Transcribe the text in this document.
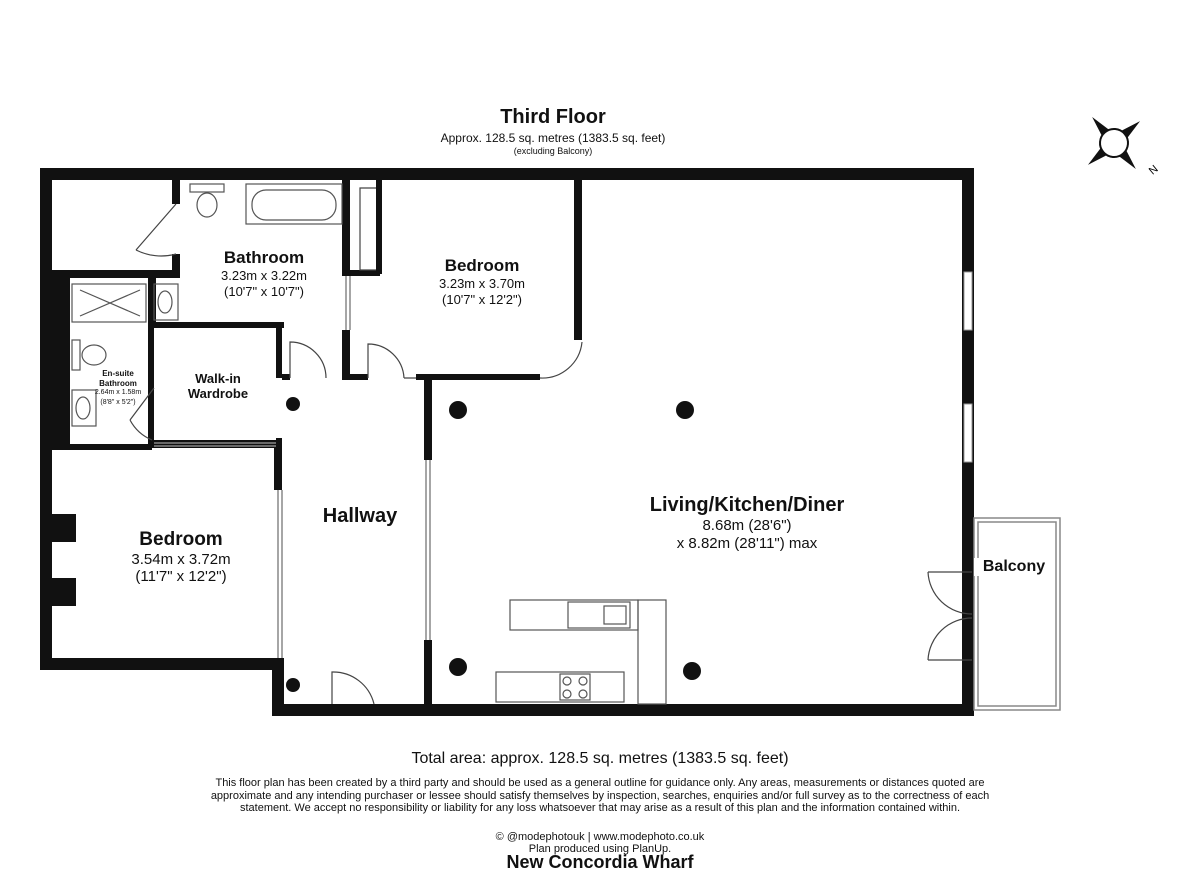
Third Floor
Approx. 128.5 sq. metres (1383.5 sq. feet)
(excluding Balcony)
N
Bathroom
3.23m x 3.22m
(10'7" x 10'7")
Bedroom
3.23m x 3.70m
(10'7" x 12'2")
En-suite
Bathroom
2.64m x 1.58m
(8'8" x 5'2")
Walk-in
Wardrobe
Living/Kitchen/Diner
8.68m (28'6")
x 8.82m (28'11") max
Hallway
Bedroom
3.54m x 3.72m
(11'7" x 12'2")
Balcony
Total area: approx. 128.5 sq. metres (1383.5 sq. feet)
This floor plan has been created by a third party and should be used as a general outline for guidance only. Any areas, measurements or distances quoted are approximate and any intending purchaser or lessee should satisfy themselves by inspection, searches, enquiries and/or full survey as to the correctness of each statement. We accept no responsibility or liability for any loss whatsoever that may arise as a result of this plan and the information contained within.
© @modephotouk | www.modephoto.co.uk
Plan produced using PlanUp.
New Concordia Wharf
